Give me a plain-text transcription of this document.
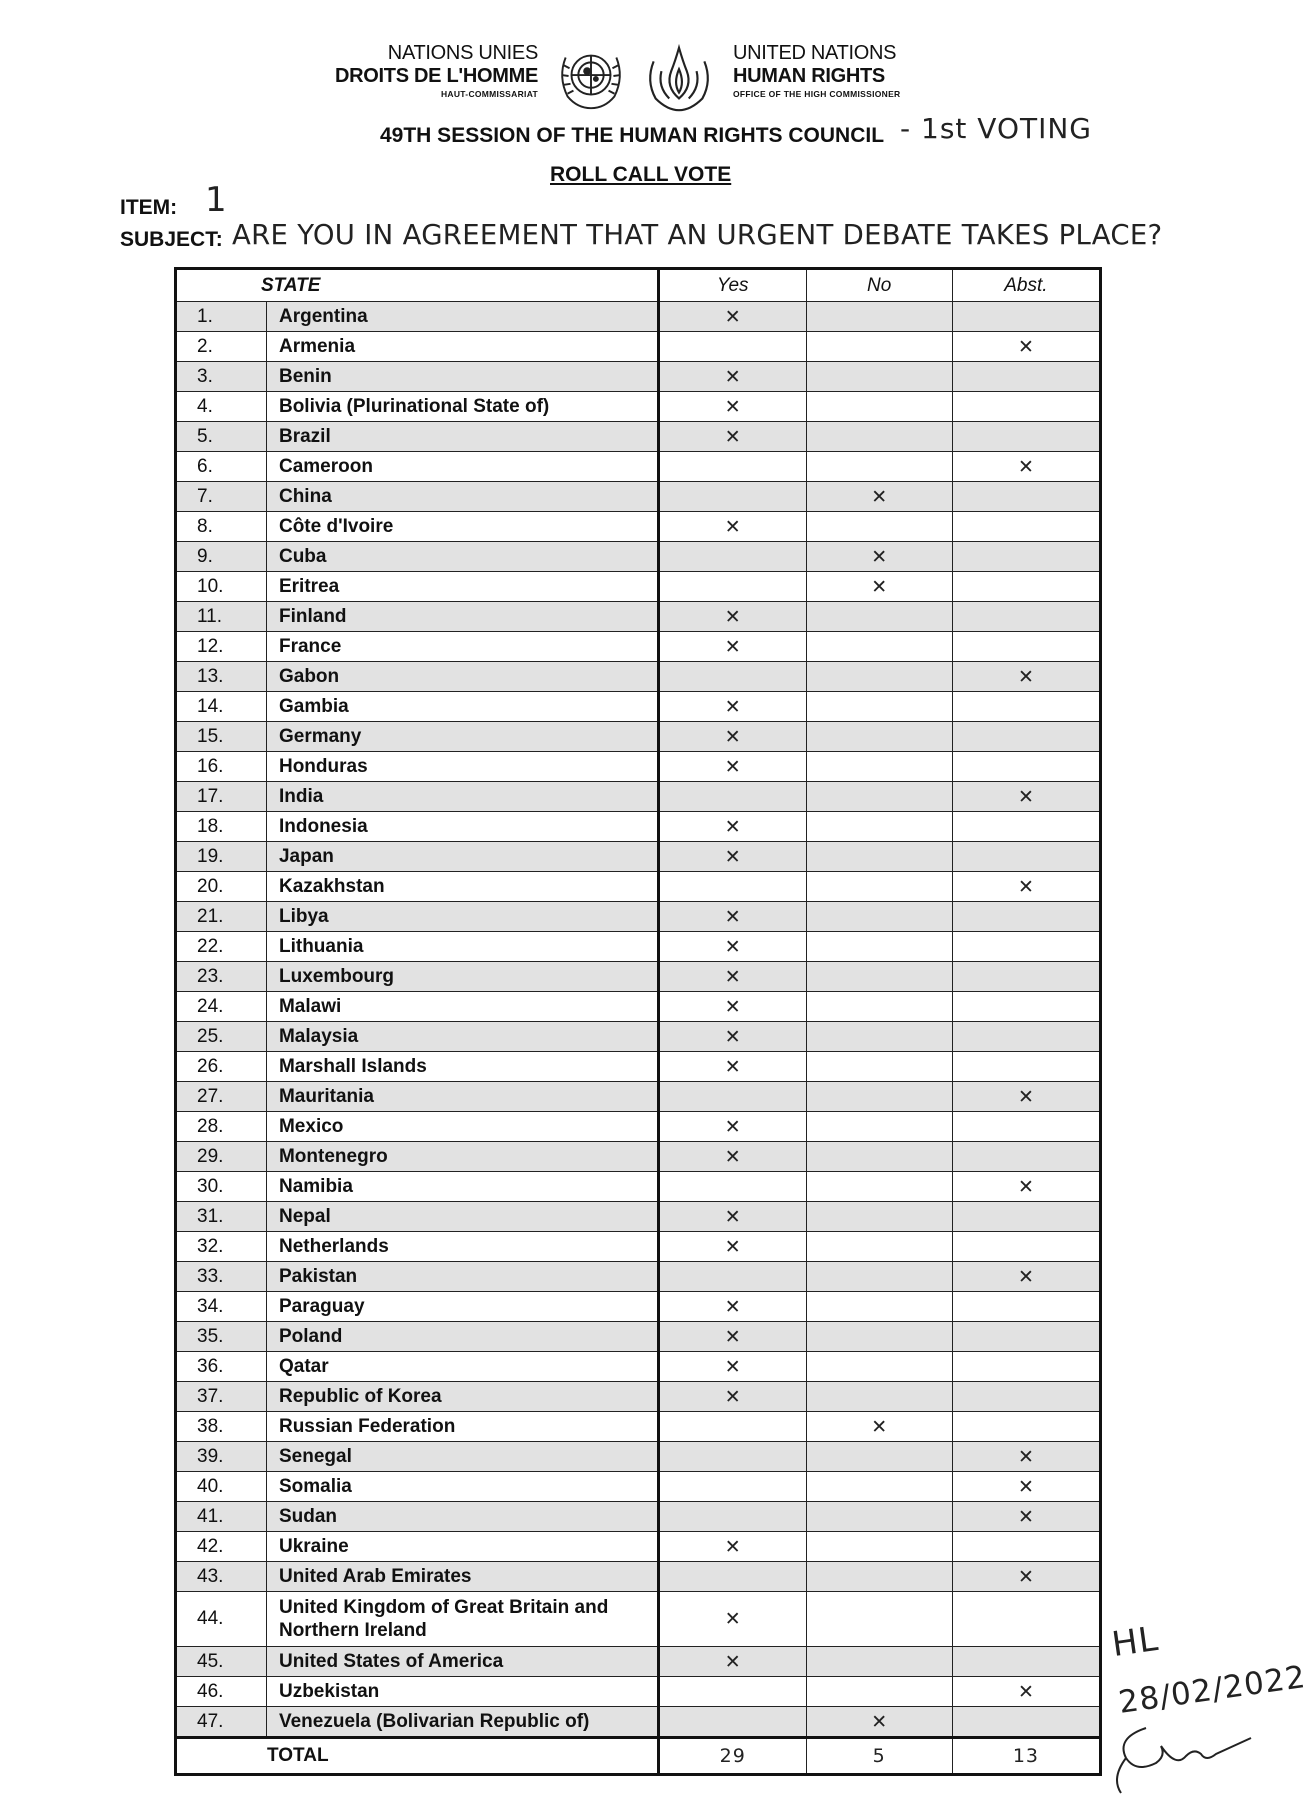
NATIONS UNIES
DROITS DE L'HOMME
HAUT-COMMISSARIAT
UNITED NATIONS
HUMAN RIGHTS
OFFICE OF THE HIGH COMMISSIONER
49TH SESSION OF THE HUMAN RIGHTS COUNCIL - 1st VOTING
ROLL CALL VOTE
ITEM: 1
SUBJECT: ARE YOU IN AGREEMENT THAT AN URGENT DEBATE TAKES PLACE?
STATE		Yes	No	Abst.
1.	Argentina	✕		
2.	Armenia			✕
3.	Benin	✕		
4.	Bolivia (Plurinational State of)	✕		
5.	Brazil	✕		
6.	Cameroon			✕
7.	China		✕	
8.	Côte d'Ivoire	✕		
9.	Cuba		✕	
10.	Eritrea		✕	
11.	Finland	✕		
12.	France	✕		
13.	Gabon			✕
14.	Gambia	✕		
15.	Germany	✕		
16.	Honduras	✕		
17.	India			✕
18.	Indonesia	✕		
19.	Japan	✕		
20.	Kazakhstan			✕
21.	Libya	✕		
22.	Lithuania	✕		
23.	Luxembourg	✕		
24.	Malawi	✕		
25.	Malaysia	✕		
26.	Marshall Islands	✕		
27.	Mauritania			✕
28.	Mexico	✕		
29.	Montenegro	✕		
30.	Namibia			✕
31.	Nepal	✕		
32.	Netherlands	✕		
33.	Pakistan			✕
34.	Paraguay	✕		
35.	Poland	✕		
36.	Qatar	✕		
37.	Republic of Korea	✕		
38.	Russian Federation		✕	
39.	Senegal			✕
40.	Somalia			✕
41.	Sudan			✕
42.	Ukraine	✕		
43.	United Arab Emirates			✕
44.	United Kingdom of Great Britain and Northern Ireland	✕		
45.	United States of America	✕		
46.	Uzbekistan			✕
47.	Venezuela (Bolivarian Republic of)		✕	
TOTAL		29	5	13
HL
28/02/2022
